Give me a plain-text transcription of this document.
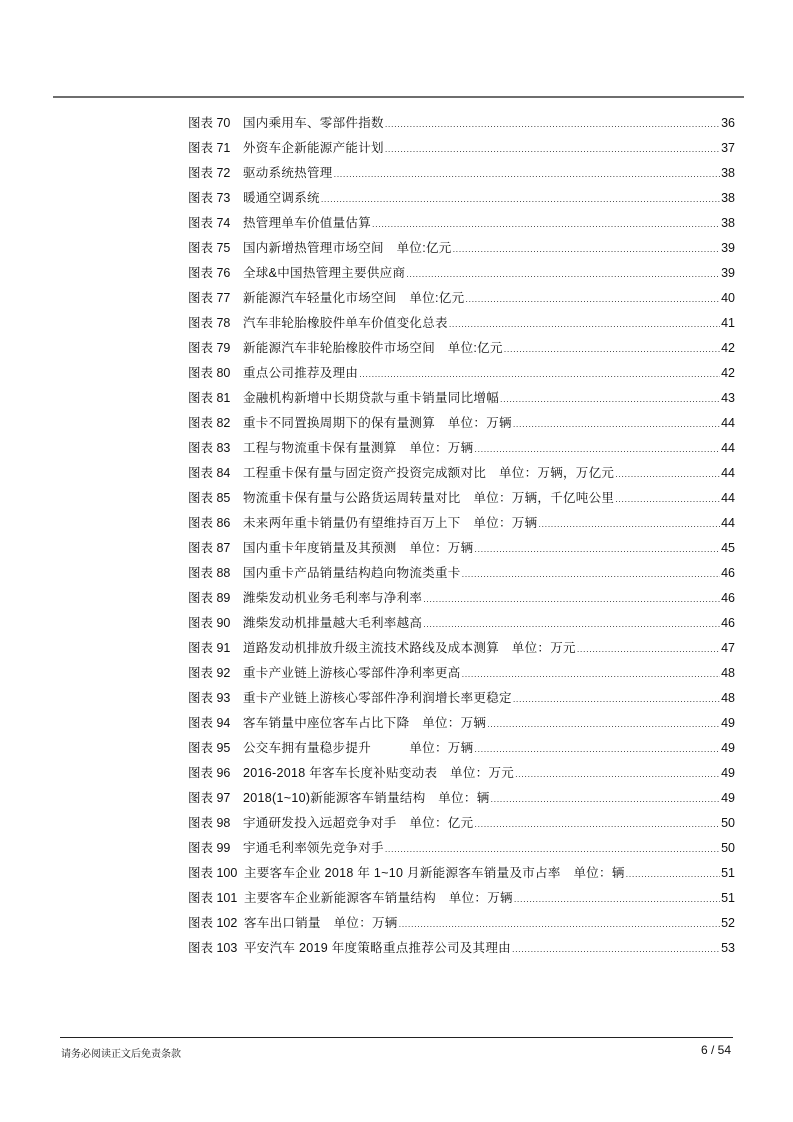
图表 70	国内乘用车、零部件指数 .....	36
图表 71	外资车企新能源产能计划 .....	37
图表 72	驱动系统热管理 .....	38
图表 73	暖通空调系统 .....	38
图表 74	热管理单车价值量估算 .....	38
图表 75	国内新增热管理市场空间　单位:亿元 .....	39
图表 76	全球&中国热管理主要供应商 .....	39
图表 77	新能源汽车轻量化市场空间　单位:亿元 .....	40
图表 78	汽车非轮胎橡胶件单车价值变化总表 .....	41
图表 79	新能源汽车非轮胎橡胶件市场空间　单位:亿元 .....	42
图表 80	重点公司推荐及理由 .....	42
图表 81	金融机构新增中长期贷款与重卡销量同比增幅 .....	43
图表 82	重卡不同置换周期下的保有量测算　单位：万辆 .....	44
图表 83	工程与物流重卡保有量测算　单位：万辆 .....	44
图表 84	工程重卡保有量与固定资产投资完成额对比　单位：万辆，万亿元 .....	44
图表 85	物流重卡保有量与公路货运周转量对比　单位：万辆，千亿吨公里 .....	44
图表 86	未来两年重卡销量仍有望维持百万上下　单位：万辆 .....	44
图表 87	国内重卡年度销量及其预测　单位：万辆 .....	45
图表 88	国内重卡产品销量结构趋向物流类重卡 .....	46
图表 89	潍柴发动机业务毛利率与净利率 .....	46
图表 90	潍柴发动机排量越大毛利率越高 .....	46
图表 91	道路发动机排放升级主流技术路线及成本测算　单位：万元 .....	47
图表 92	重卡产业链上游核心零部件净利率更高 .....	48
图表 93	重卡产业链上游核心零部件净利润增长率更稳定 .....	48
图表 94	客车销量中座位客车占比下降　单位：万辆 .....	49
图表 95	公交车拥有量稳步提升　　　单位：万辆 .....	49
图表 96	2016-2018 年客车长度补贴变动表　单位：万元 .....	49
图表 97	2018(1~10)新能源客车销量结构　单位：辆 .....	49
图表 98	宇通研发投入远超竞争对手　单位：亿元 .....	50
图表 99	宇通毛利率领先竞争对手 .....	50
图表 100 主要客车企业 2018 年 1~10 月新能源客车销量及市占率　单位：辆 .....	51
图表 101 主要客车企业新能源客车销量结构　单位：万辆 .....	51
图表 102 客车出口销量　单位：万辆 .....	52
图表 103 平安汽车 2019 年度策略重点推荐公司及其理由 .....	53
请务必阅读正文后免责条款	6 / 54
